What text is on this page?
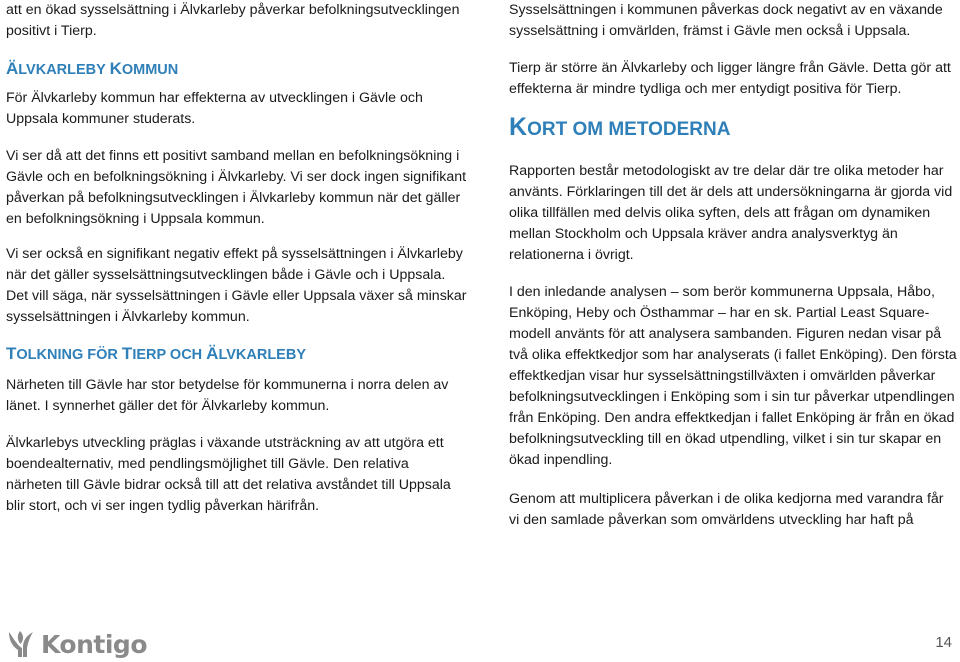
att en ökad sysselsättning i Älvkarleby påverkar befolkningsutvecklingen positivt i Tierp.

ÄLVKARLEBY KOMMUN

För Älvkarleby kommun har effekterna av utvecklingen i Gävle och Uppsala kommuner studerats.

Vi ser då att det finns ett positivt samband mellan en befolkningsökning i Gävle och en befolkningsökning i Älvkarleby. Vi ser dock ingen signifikant påverkan på befolkningsutvecklingen i Älvkarleby kommun när det gäller en befolkningsökning i Uppsala kommun.

Vi ser också en signifikant negativ effekt på sysselsättningen i Älvkarleby när det gäller sysselsättningsutvecklingen både i Gävle och i Uppsala. Det vill säga, när sysselsättningen i Gävle eller Uppsala växer så minskar sysselsättningen i Älvkarleby kommun.

TOLKNING FÖR TIERP OCH ÄLVKARLEBY

Närheten till Gävle har stor betydelse för kommunerna i norra delen av länet. I synnerhet gäller det för Älvkarleby kommun.

Älvkarlebys utveckling präglas i växande utsträckning av att utgöra ett boendealternativ, med pendlingsmöjlighet till Gävle. Den relativa närheten till Gävle bidrar också till att det relativa avståndet till Uppsala blir stort, och vi ser ingen tydlig påverkan härifrån.

Sysselsättningen i kommunen påverkas dock negativt av en växande sysselsättning i omvärlden, främst i Gävle men också i Uppsala.

Tierp är större än Älvkarleby och ligger längre från Gävle. Detta gör att effekterna är mindre tydliga och mer entydigt positiva för Tierp.

KORT OM METODERNA

Rapporten består metodologiskt av tre delar där tre olika metoder har använts. Förklaringen till det är dels att undersökningarna är gjorda vid olika tillfällen med delvis olika syften, dels att frågan om dynamiken mellan Stockholm och Uppsala kräver andra analysverktyg än relationerna i övrigt.

I den inledande analysen – som berör kommunerna Uppsala, Håbo, Enköping, Heby och Östhammar – har en sk. Partial Least Square-modell använts för att analysera sambanden. Figuren nedan visar på två olika effektkedjor som har analyserats (i fallet Enköping). Den första effektkedjan visar hur sysselsättningstillväxten i omvärlden påverkar befolkningsutvecklingen i Enköping som i sin tur påverkar utpendlingen från Enköping. Den andra effektkedjan i fallet Enköping är från en ökad befolkningsutveckling till en ökad utpendling, vilket i sin tur skapar en ökad inpendling.

Genom att multiplicera påverkan i de olika kedjorna med varandra får vi den samlade påverkan som omvärldens utveckling har haft på

Kontigo	14
